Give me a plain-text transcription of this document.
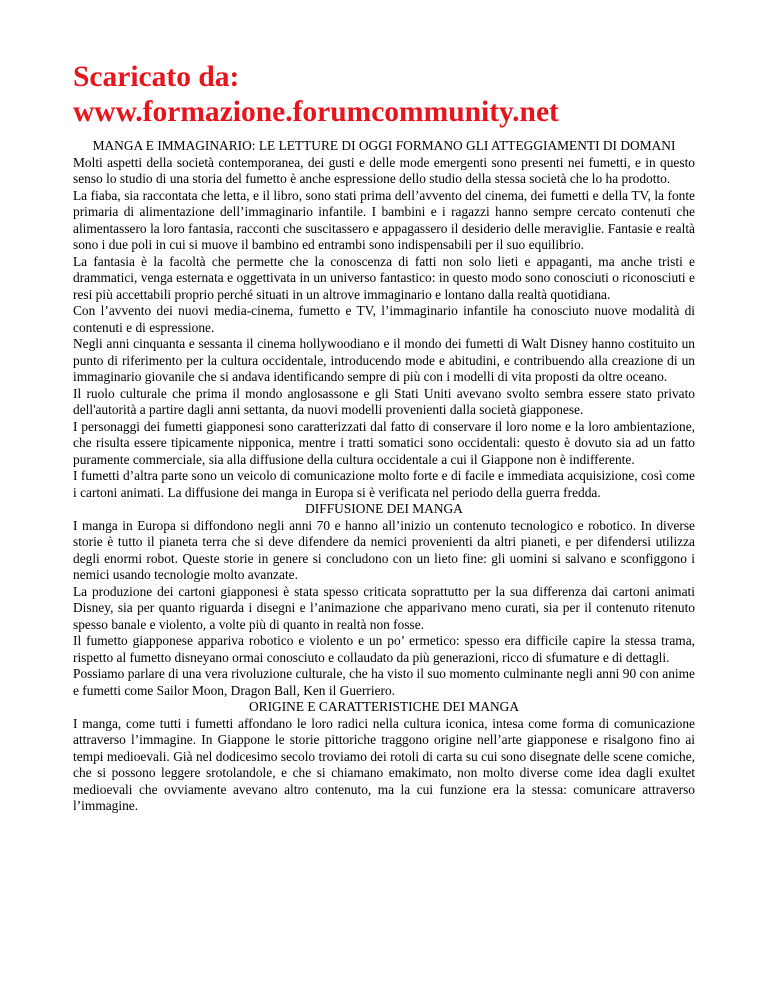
Scaricato da:
www.formazione.forumcommunity.net

MANGA E IMMAGINARIO: LE LETTURE DI OGGI FORMANO GLI ATTEGGIAMENTI DI DOMANI

Molti aspetti della società contemporanea, dei gusti e delle mode emergenti sono presenti nei fumetti, e in questo senso lo studio di una storia del fumetto è anche espressione dello studio della stessa società che lo ha prodotto.

La fiaba, sia raccontata che letta, e il libro, sono stati prima dell’avvento del cinema, dei fumetti e della TV, la fonte primaria di alimentazione dell’immaginario infantile. I bambini e i ragazzi hanno sempre cercato contenuti che alimentassero la loro fantasia, racconti che suscitassero e appagassero il desiderio delle meraviglie. Fantasie e realtà sono i due poli in cui si muove il bambino ed entrambi sono indispensabili per il suo equilibrio.

La fantasia è la facoltà che permette che la conoscenza di fatti non solo lieti e appaganti, ma anche tristi e drammatici, venga esternata e oggettivata in un universo fantastico: in questo modo sono conosciuti o riconosciuti e resi più accettabili proprio perché situati in un altrove immaginario e lontano dalla realtà quotidiana.

Con l’avvento dei nuovi media-cinema, fumetto e TV, l’immaginario infantile ha conosciuto nuove modalità di contenuti e di espressione.

Negli anni cinquanta e sessanta il cinema hollywoodiano e il mondo dei fumetti di Walt Disney hanno costituito un punto di riferimento per la cultura occidentale, introducendo mode e abitudini, e contribuendo alla creazione di un immaginario giovanile che si andava identificando sempre di più con i modelli di vita proposti da oltre oceano.

Il ruolo culturale che prima il mondo anglosassone e gli Stati Uniti avevano svolto sembra essere stato privato dell'autorità a partire dagli anni settanta, da nuovi modelli provenienti dalla società giapponese.

I personaggi dei fumetti giapponesi sono caratterizzati dal fatto di conservare il loro nome e la loro ambientazione, che risulta essere tipicamente nipponica, mentre i tratti somatici sono occidentali: questo è dovuto sia ad un fatto puramente commerciale, sia alla diffusione della cultura occidentale a cui il Giappone non è indifferente.

I fumetti d’altra parte sono un veicolo di comunicazione molto forte e di facile e immediata acquisizione, così come i cartoni animati. La diffusione dei manga in Europa si è verificata nel periodo della guerra fredda.

DIFFUSIONE DEI MANGA

I manga in Europa si diffondono negli anni 70 e hanno all’inizio un contenuto tecnologico e robotico. In diverse storie è tutto il pianeta terra che si deve difendere da nemici provenienti da altri pianeti, e per difendersi utilizza degli enormi robot. Queste storie in genere si concludono con un lieto fine: gli uomini si salvano e sconfiggono i nemici usando tecnologie molto avanzate.

La produzione dei cartoni giapponesi è stata spesso criticata soprattutto per la sua differenza dai cartoni animati Disney, sia per quanto riguarda i disegni e l’animazione che apparivano meno curati, sia per il contenuto ritenuto spesso banale e violento, a volte più di quanto in realtà non fosse.

Il fumetto giapponese appariva robotico e violento e un po’ ermetico: spesso era difficile capire la stessa trama, rispetto al fumetto disneyano ormai conosciuto e collaudato da più generazioni, ricco di sfumature e di dettagli.

Possiamo parlare di una vera rivoluzione culturale, che ha visto il suo momento culminante negli anni 90 con anime e fumetti come Sailor Moon, Dragon Ball, Ken il Guerriero.

ORIGINE E CARATTERISTICHE DEI MANGA

I manga, come tutti i fumetti affondano le loro radici nella cultura iconica, intesa come forma di comunicazione attraverso l’immagine. In Giappone le storie pittoriche traggono origine nell’arte giapponese e risalgono fino ai tempi medioevali. Già nel dodicesimo secolo troviamo dei rotoli di carta su cui sono disegnate delle scene comiche, che si possono leggere srotolandole, e che si chiamano emakimato, non molto diverse come idea dagli exultet medioevali che ovviamente avevano altro contenuto, ma la cui funzione era la stessa: comunicare attraverso l’immagine.
